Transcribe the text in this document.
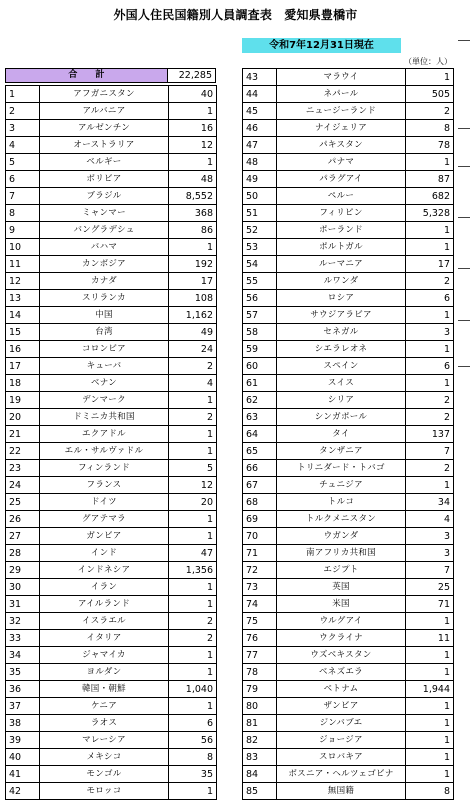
外国人住民国籍別人員調査表　愛知県豊橋市
令和7年12月31日現在
（単位：人）
合計	22,285
1	アフガニスタン	40
2	アルバニア	1
3	アルゼンチン	16
4	オーストラリア	12
5	ベルギー	1
6	ボリビア	48
7	ブラジル	8,552
8	ミャンマー	368
9	バングラデシュ	86
10	バハマ	1
11	カンボジア	192
12	カナダ	17
13	スリランカ	108
14	中国	1,162
15	台湾	49
16	コロンビア	24
17	キューバ	2
18	ベナン	4
19	デンマーク	1
20	ドミニカ共和国	2
21	エクアドル	1
22	エル・サルヴァドル	1
23	フィンランド	5
24	フランス	12
25	ドイツ	20
26	グアテマラ	1
27	ガンビア	1
28	インド	47
29	インドネシア	1,356
30	イラン	1
31	アイルランド	1
32	イスラエル	2
33	イタリア	2
34	ジャマイカ	1
35	ヨルダン	1
36	韓国・朝鮮	1,040
37	ケニア	1
38	ラオス	6
39	マレーシア	56
40	メキシコ	8
41	モンゴル	35
42	モロッコ	1
43	マラウイ	1
44	ネパール	505
45	ニュージーランド	2
46	ナイジェリア	8
47	パキスタン	78
48	パナマ	1
49	パラグアイ	87
50	ペルー	682
51	フィリピン	5,328
52	ポーランド	1
53	ポルトガル	1
54	ルーマニア	17
55	ルワンダ	2
56	ロシア	6
57	サウジアラビア	1
58	セネガル	3
59	シエラレオネ	1
60	スペイン	6
61	スイス	1
62	シリア	2
63	シンガポール	2
64	タイ	137
65	タンザニア	7
66	トリニダード・トバゴ	2
67	チュニジア	1
68	トルコ	34
69	トルクメニスタン	4
70	ウガンダ	3
71	南アフリカ共和国	3
72	エジプト	7
73	英国	25
74	米国	71
75	ウルグアイ	1
76	ウクライナ	11
77	ウズベキスタン	1
78	ベネズエラ	1
79	ベトナム	1,944
80	ザンビア	1
81	ジンバブエ	1
82	ジョージア	1
83	スロバキア	1
84	ボスニア・ヘルツェゴビナ	1
85	無国籍	8
